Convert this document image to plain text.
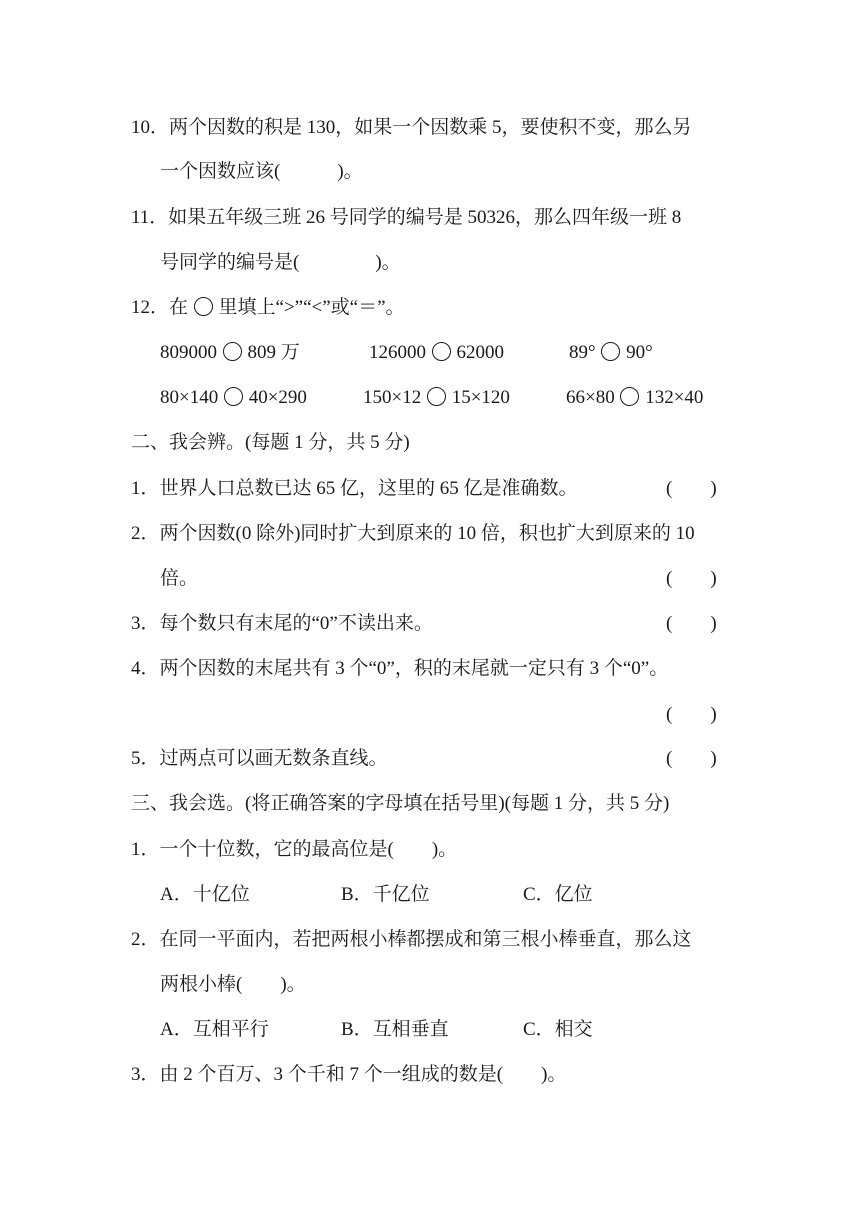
10．两个因数的积是 130，如果一个因数乘 5，要使积不变，那么另
一个因数应该(　　　)。
11．如果五年级三班 26 号同学的编号是 50326，那么四年级一班 8
号同学的编号是(　　　　)。
12．在 里填上“>”“<”或“＝”。
809000 809 万	126000 62000	89° 90°
80×140 40×290	150×12 15×120	66×80 132×40
二、我会辨。(每题 1 分，共 5 分)
1．世界人口总数已达 65 亿，这里的 65 亿是准确数。	(　　)
2．两个因数(0 除外)同时扩大到原来的 10 倍，积也扩大到原来的 10
倍。	(　　)
3．每个数只有末尾的“0”不读出来。	(　　)
4．两个因数的末尾共有 3 个“0”，积的末尾就一定只有 3 个“0”。
(　　)
5．过两点可以画无数条直线。	(　　)
三、我会选。(将正确答案的字母填在括号里)(每题 1 分，共 5 分)
1．一个十位数，它的最高位是(　　)。
A．十亿位	B．千亿位	C．亿位
2．在同一平面内，若把两根小棒都摆成和第三根小棒垂直，那么这
两根小棒(　　)。
A．互相平行	B．互相垂直	C．相交
3．由 2 个百万、3 个千和 7 个一组成的数是(　　)。
